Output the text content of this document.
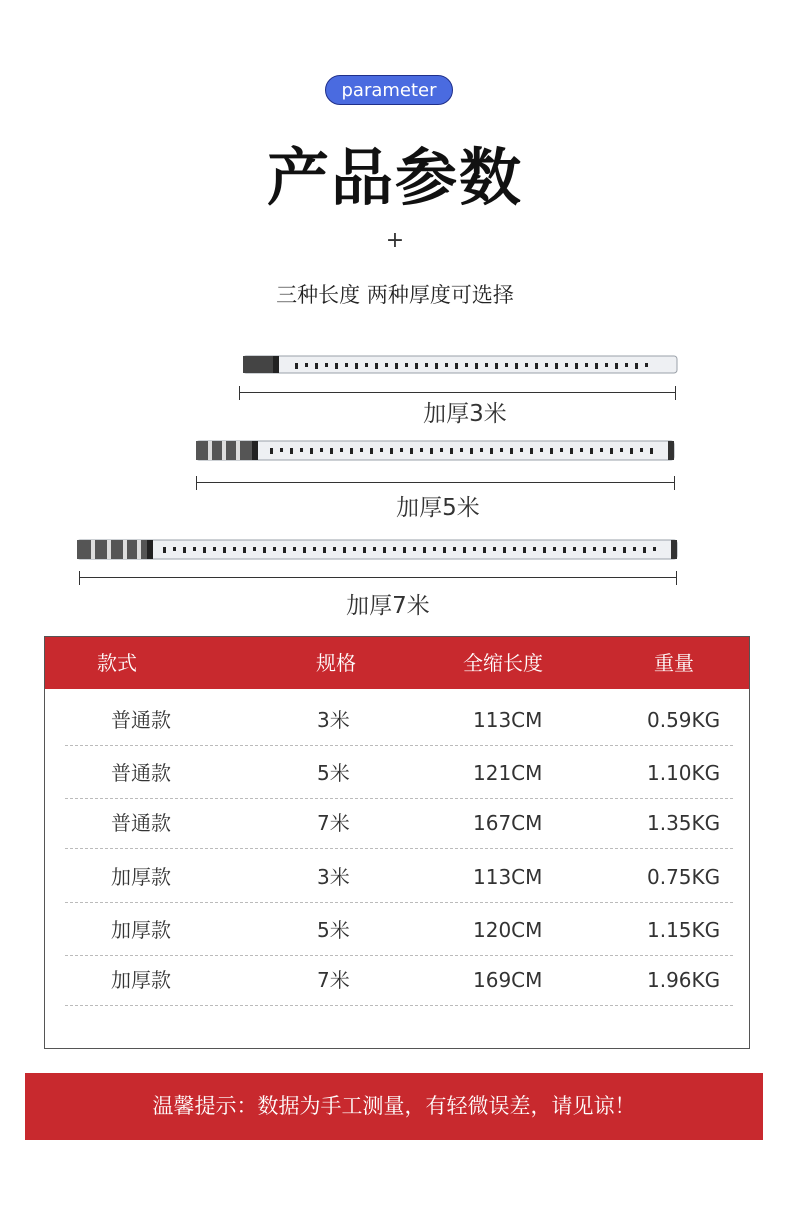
parameter
产品参数
+
三种长度 两种厚度可选择
加厚3米
加厚5米
加厚7米
款式	规格	全缩长度	重量
普通款	3米	113CM	0.59KG
普通款	5米	121CM	1.10KG
普通款	7米	167CM	1.35KG
加厚款	3米	113CM	0.75KG
加厚款	5米	120CM	1.15KG
加厚款	7米	169CM	1.96KG
温馨提示：数据为手工测量，有轻微误差，请见谅！
